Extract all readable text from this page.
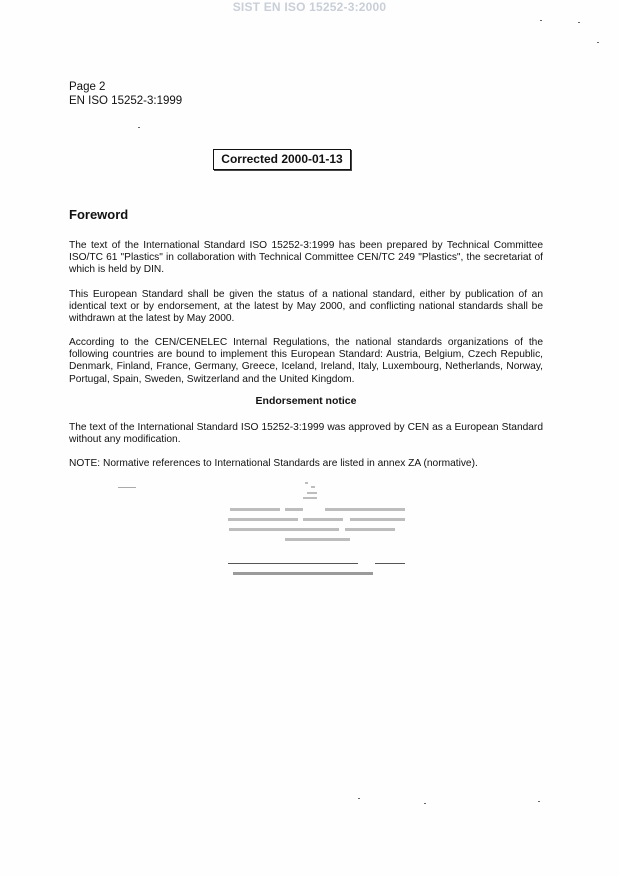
SIST EN ISO 15252-3:2000
Page 2
EN ISO 15252-3:1999
Corrected 2000-01-13
Foreword
The text of the International Standard ISO 15252-3:1999 has been prepared by Technical Committee ISO/TC 61 "Plastics" in collaboration with Technical Committee CEN/TC 249 "Plastics", the secretariat of which is held by DIN.
This European Standard shall be given the status of a national standard, either by publication of an identical text or by endorsement, at the latest by May 2000, and conflicting national standards shall be withdrawn at the latest by May 2000.
According to the CEN/CENELEC Internal Regulations, the national standards organizations of the following countries are bound to implement this European Standard: Austria, Belgium, Czech Republic, Denmark, Finland, France, Germany, Greece, Iceland, Ireland, Italy, Luxembourg, Netherlands, Norway, Portugal, Spain, Sweden, Switzerland and the United Kingdom.
Endorsement notice
The text of the International Standard ISO 15252-3:1999 was approved by CEN as a European Standard without any modification.
NOTE: Normative references to International Standards are listed in annex ZA (normative).
